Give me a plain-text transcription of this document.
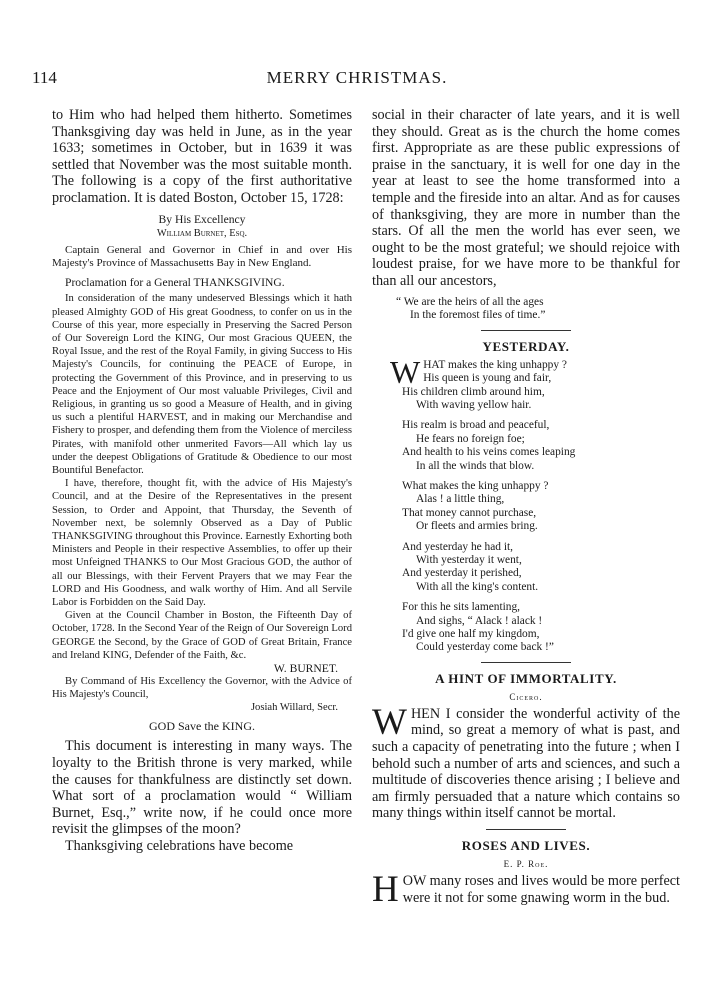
114	MERRY CHRISTMAS.

to Him who had helped them hitherto. Sometimes Thanksgiving day was held in June, as in the year 1633; sometimes in October, but in 1639 it was settled that November was the most suitable month. The following is a copy of the first authoritative proclamation. It is dated Boston, October 15, 1728:

By His Excellency

William Burnet, Esq.

Captain General and Governor in Chief in and over His Majesty's Province of Massachusetts Bay in New England.

Proclamation for a General THANKSGIVING.

In consideration of the many undeserved Blessings which it hath pleased Almighty GOD of His great Goodness, to confer on us in the Course of this year, more especially in Preserving the Sacred Person of Our Sovereign Lord the KING, Our most Gracious QUEEN, the Royal Issue, and the rest of the Royal Family, in giving Success to His Majesty's Councils, for continuing the PEACE of Europe, in protecting the Government of this Province, and in preserving to us Peace and the Enjoyment of Our most valuable Privileges, Civil and Religious, in granting us so good a Measure of Health, and in giving us such a plentiful HARVEST, and in making our Merchandise and Fishery to prosper, and defending them from the Violence of merciless Pirates, with manifold other unmerited Favors—All which lay us under the deepest Obligations of Gratitude & Obedience to our most Bountiful Benefactor.

I have, therefore, thought fit, with the advice of His Majesty's Council, and at the Desire of the Representatives in the present Session, to Order and Appoint, that Thursday, the Seventh of November next, be solemnly Observed as a Day of Public THANKSGIVING throughout this Province. Earnestly Exhorting both Ministers and People in their respective Assemblies, to offer up their most Unfeigned THANKS to Our Most Gracious GOD, the author of all our Blessings, with their Fervent Prayers that we may Fear the LORD and His Goodness, and walk worthy of Him. And all Servile Labor is Forbidden on the Said Day.

Given at the Council Chamber in Boston, the Fifteenth Day of October, 1728. In the Second Year of the Reign of Our Sovereign Lord GEORGE the Second, by the Grace of GOD of Great Britain, France and Ireland KING, Defender of the Faith, &c.

W. BURNET.

By Command of His Excellency the Governor, with the Advice of His Majesty's Council,

Josiah Willard, Secr.

GOD Save the KING.

This document is interesting in many ways. The loyalty to the British throne is very marked, while the causes for thankfulness are distinctly set down. What sort of a proclamation would “ William Burnet, Esq.,” write now, if he could once more revisit the glimpses of the moon?

Thanksgiving celebrations have become

social in their character of late years, and it is well they should. Great as is the church the home comes first. Appropriate as are these public expressions of praise in the sanctuary, it is well for one day in the year at least to see the home transformed into a temple and the fireside into an altar. And as for causes of thanksgiving, they are more in number than the stars. Of all the men the world has ever seen, we ought to be the most grateful; we should rejoice with loudest praise, for we have more to be thankful for than all our ancestors,

“ We are the heirs of all the ages
In the foremost files of time.”

YESTERDAY.

WHAT makes the king unhappy ?
His queen is young and fair,
His children climb around him,
With waving yellow hair.
His realm is broad and peaceful,
He fears no foreign foe;
And health to his veins comes leaping
In all the winds that blow.
What makes the king unhappy ?
Alas ! a little thing,
That money cannot purchase,
Or fleets and armies bring.
And yesterday he had it,
With yesterday it went,
And yesterday it perished,
With all the king's content.
For this he sits lamenting,
And sighs, “ Alack ! alack !
I'd give one half my kingdom,
Could yesterday come back !”

A HINT OF IMMORTALITY.

Cicero.

WHEN I consider the wonderful activity of the mind, so great a memory of what is past, and such a capacity of penetrating into the future ; when I behold such a number of arts and sciences, and such a multitude of discoveries thence arising ; I believe and am firmly persuaded that a nature which contains so many things within itself cannot be mortal.

ROSES AND LIVES.

E. P. Roe.

HOW many roses and lives would be more perfect were it not for some gnawing worm in the bud.
